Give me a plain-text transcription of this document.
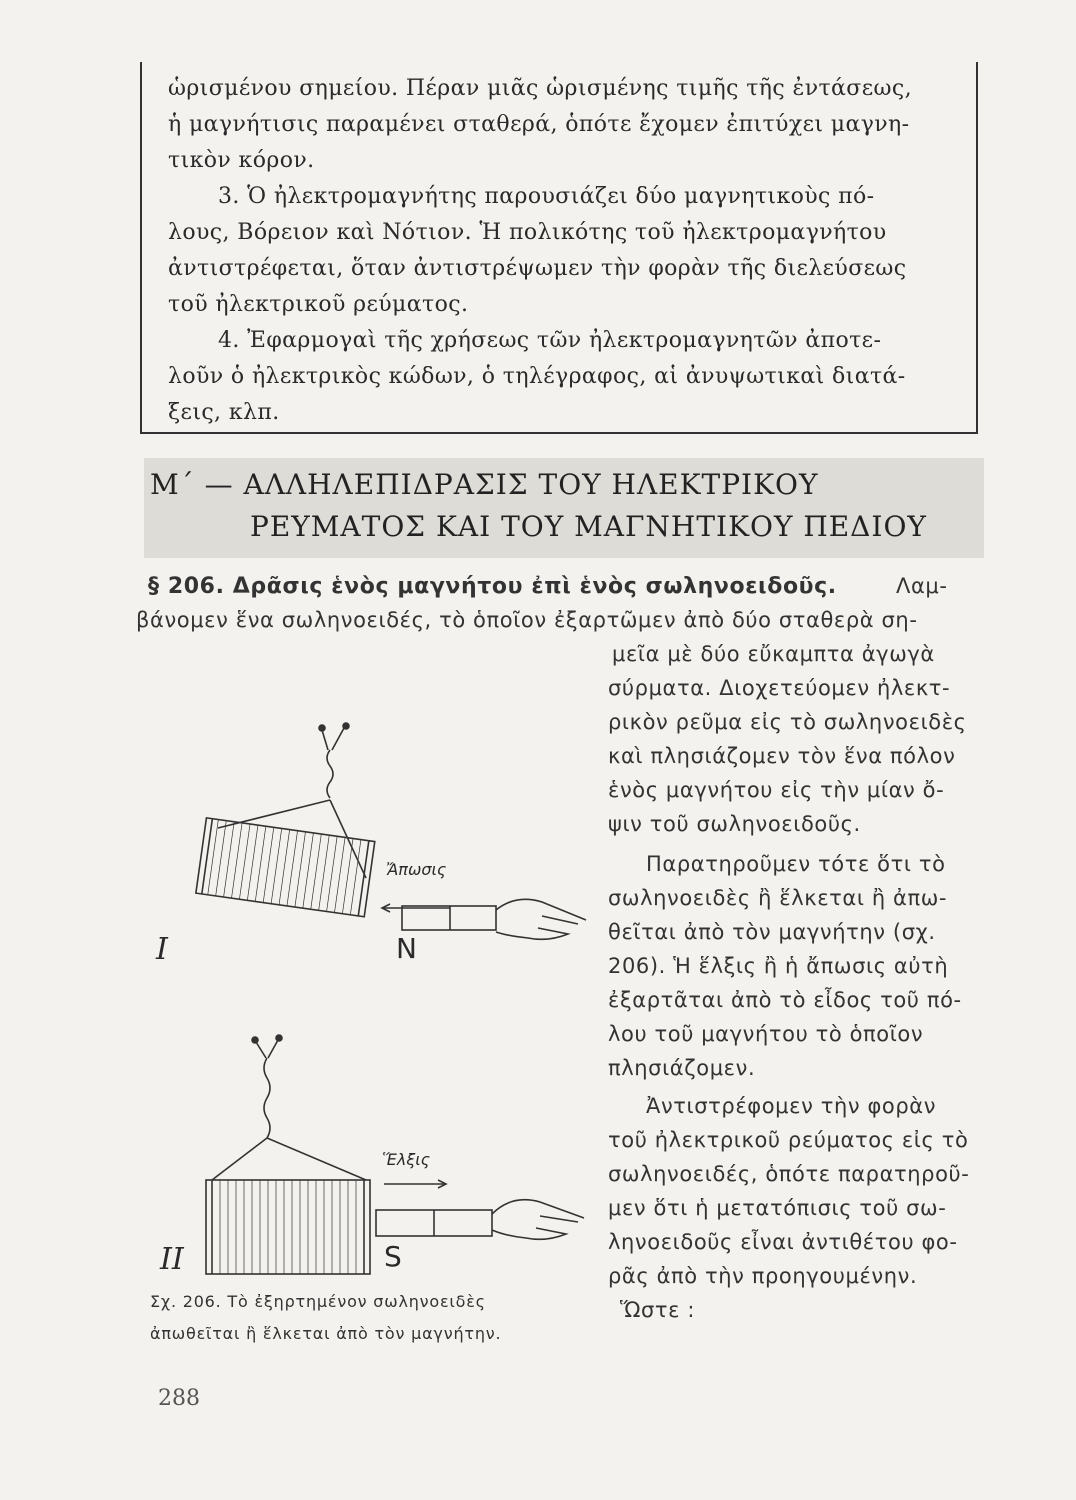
ὡρισμένου σημείου. Πέραν μιᾶς ὡρισμένης τιμῆς τῆς ἐντάσεως,
ἡ μαγνήτισις παραμένει σταθερά, ὁπότε ἔχομεν ἐπιτύχει μαγνη-
τικὸν κόρον.
3. Ὁ ἠλεκτρομαγνήτης παρουσιάζει δύο μαγνητικοὺς πό-
λους, Βόρειον καὶ Νότιον. Ἡ πολικότης τοῦ ἠλεκτρομαγνήτου
ἀντιστρέφεται, ὅταν ἀντιστρέψωμεν τὴν φορὰν τῆς διελεύσεως
τοῦ ἠλεκτρικοῦ ρεύματος.
4. Ἐφαρμογαὶ τῆς χρήσεως τῶν ἠλεκτρομαγνητῶν ἀποτε-
λοῦν ὁ ἠλεκτρικὸς κώδων, ὁ τηλέγραφος, αἱ ἀνυψωτικαὶ διατά-
ξεις, κλπ.
Μ΄ — ΑΛΛΗΛΕΠΙΔΡΑΣΙΣ ΤΟΥ ΗΛΕΚΤΡΙΚΟΥ
ΡΕΥΜΑΤΟΣ ΚΑΙ ΤΟΥ ΜΑΓΝΗΤΙΚΟΥ ΠΕΔΙΟΥ
§ 206. Δρᾶσις ἑνὸς μαγνήτου ἐπὶ ἑνὸς σωληνοειδοῦς.	Λαμ-
βάνομεν ἕνα σωληνοειδές, τὸ ὁποῖον ἐξαρτῶμεν ἀπὸ δύο σταθερὰ ση-
μεῖα μὲ δύο εὔκαμπτα ἀγωγὰ
σύρματα. Διοχετεύομεν ἠλεκτ-
ρικὸν ρεῦμα εἰς τὸ σωληνοειδὲς
καὶ πλησιάζομεν τὸν ἕνα πόλον
ἑνὸς μαγνήτου εἰς τὴν μίαν ὄ-
ψιν τοῦ σωληνοειδοῦς.
Παρατηροῦμεν τότε ὅτι τὸ
σωληνοειδὲς ἢ ἕλκεται ἢ ἀπω-
θεῖται ἀπὸ τὸν μαγνήτην (σχ.
206). Ἡ ἕλξις ἢ ἡ ἄπωσις αὐτὴ
ἐξαρτᾶται ἀπὸ τὸ εἶδος τοῦ πό-
λου τοῦ μαγνήτου τὸ ὁποῖον
πλησιάζομεν.
Ἀντιστρέφομεν τὴν φορὰν
τοῦ ἠλεκτρικοῦ ρεύματος εἰς τὸ
σωληνοειδές, ὁπότε παρατηροῦ-
μεν ὅτι ἡ μετατόπισις τοῦ σω-
ληνοειδοῦς εἶναι ἀντιθέτου φο-
ρᾶς ἀπὸ τὴν προηγουμένην.
Ὥστε :
I
II
N
S
Ἄπωσις
Ἕλξις
Σχ. 206. Τὸ ἐξηρτημένον σωληνοειδὲς
ἀπωθεῖται ἢ ἕλκεται ἀπὸ τὸν μαγνήτην.
288
